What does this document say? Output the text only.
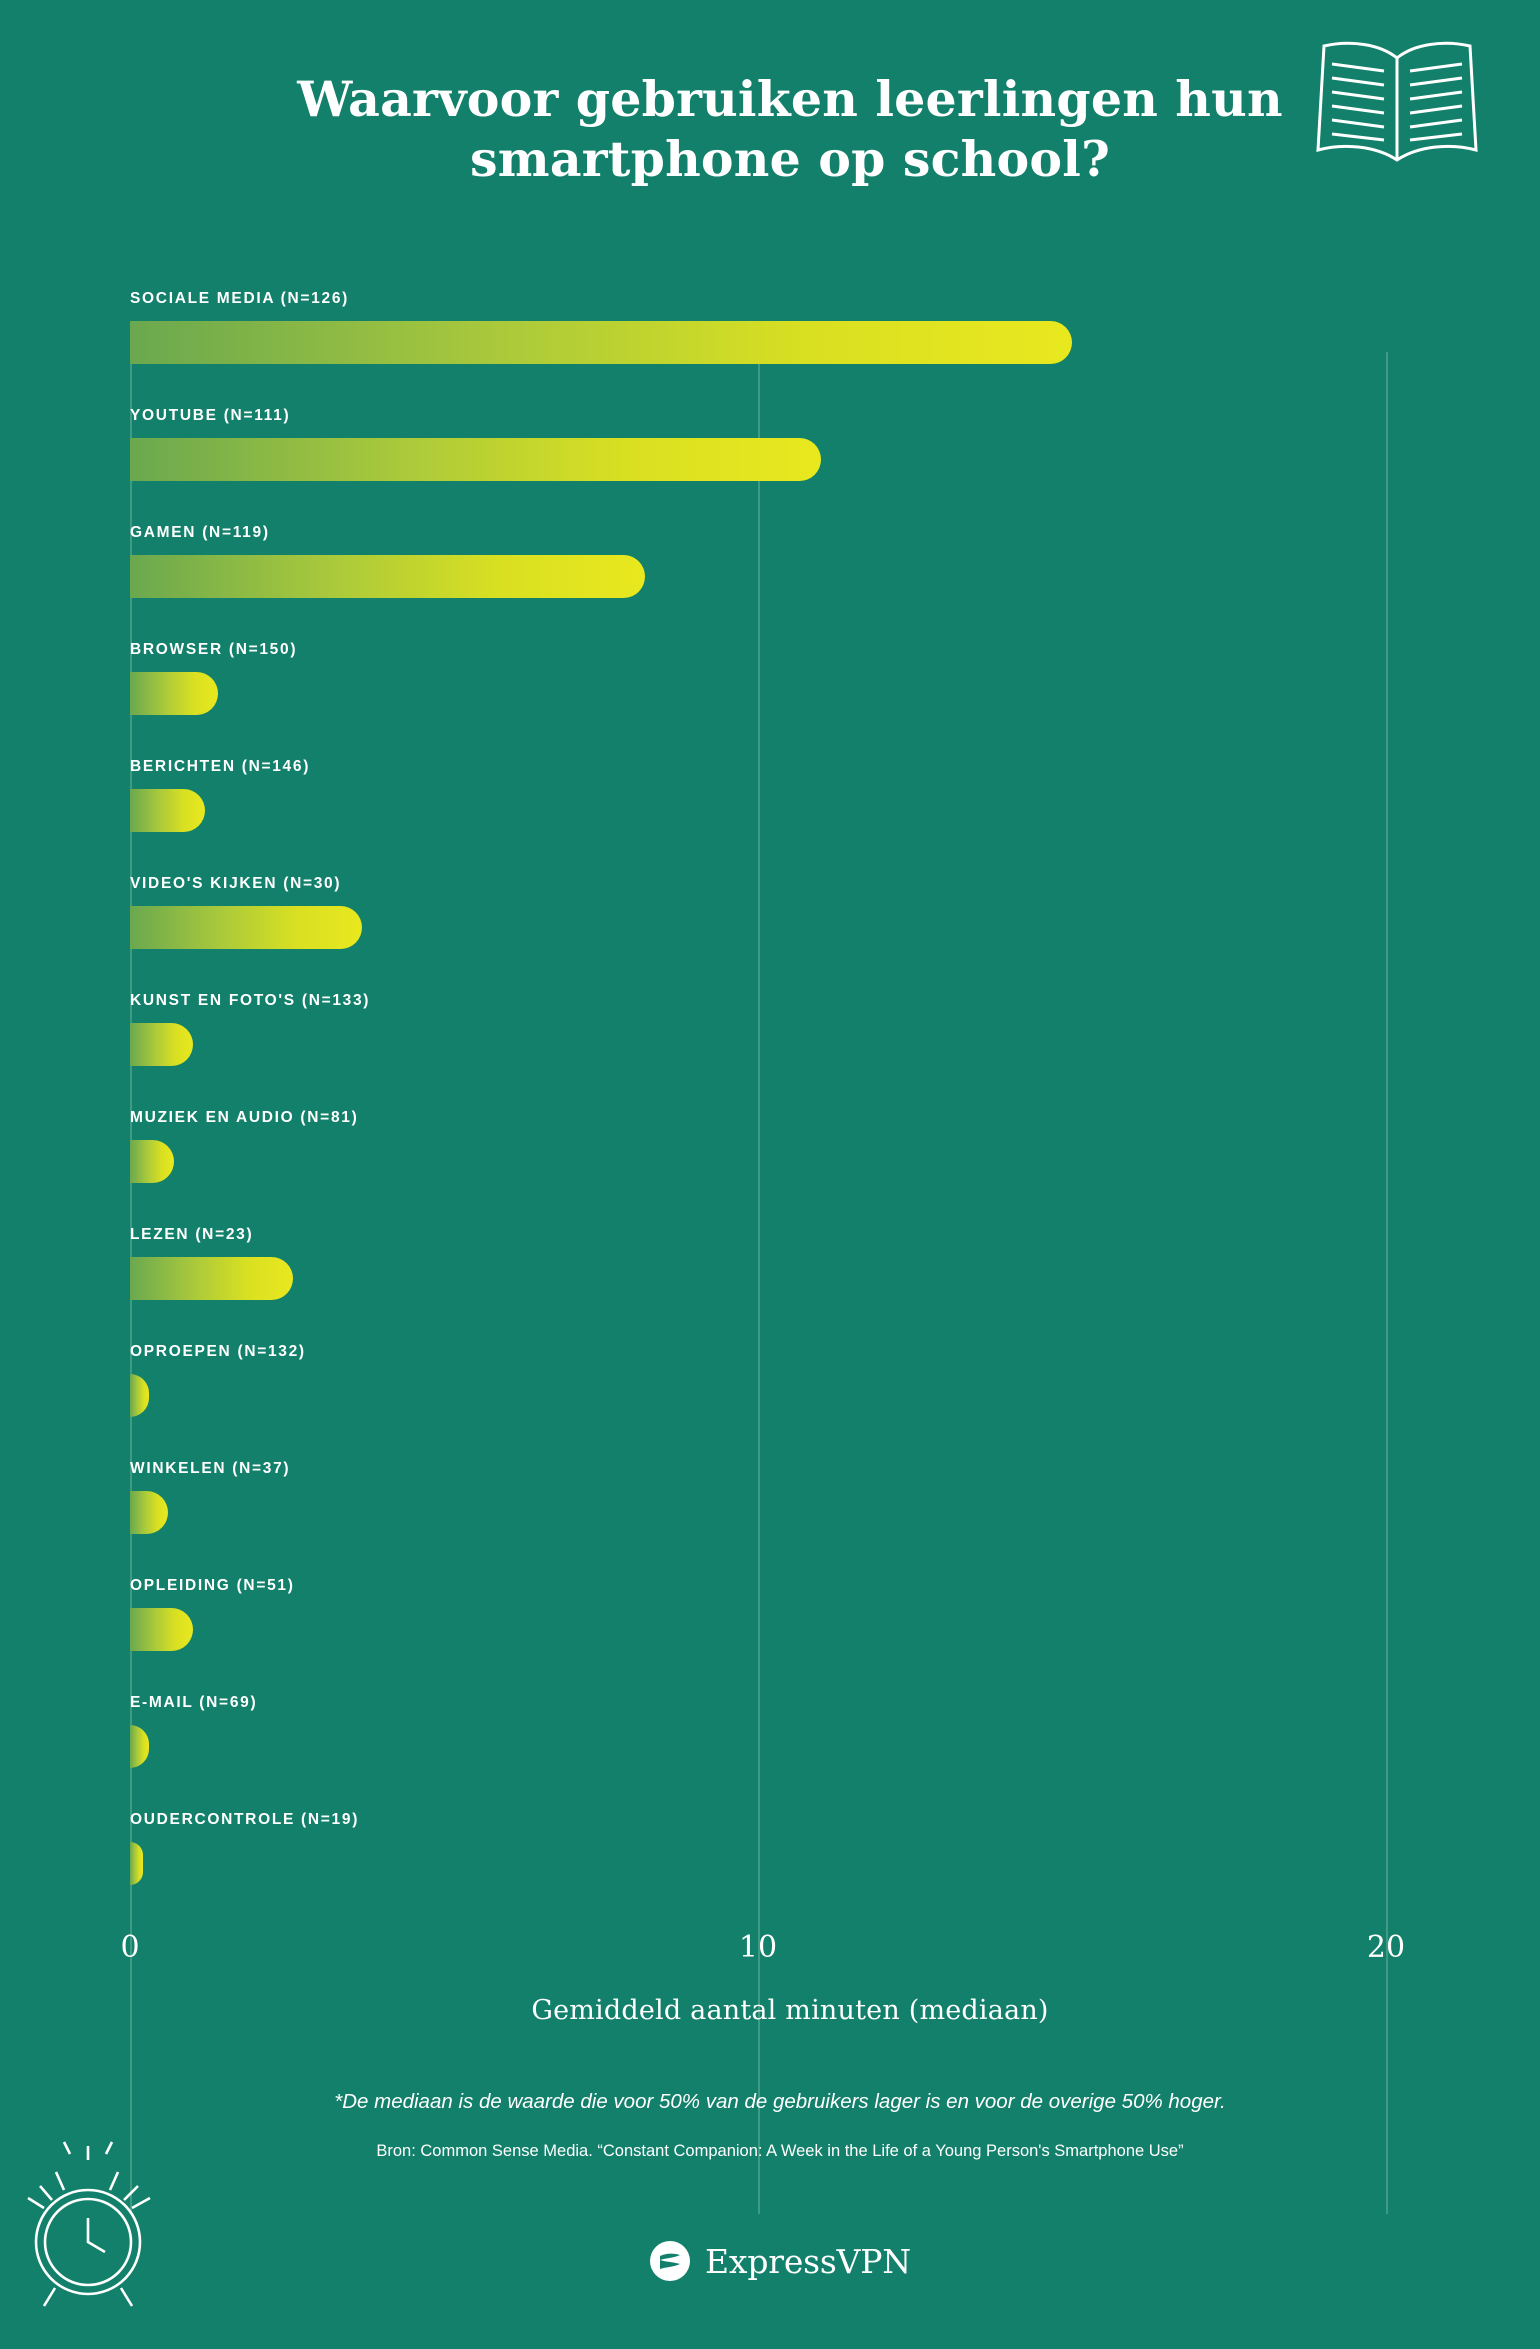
Waarvoor gebruiken leerlingen hun smartphone op school?
SOCIALE MEDIA (N=126)
YOUTUBE (N=111)
GAMEN (N=119)
BROWSER (N=150)
BERICHTEN (N=146)
VIDEO'S KIJKEN (N=30)
KUNST EN FOTO'S (N=133)
MUZIEK EN AUDIO (N=81)
LEZEN (N=23)
OPROEPEN (N=132)
WINKELEN (N=37)
OPLEIDING (N=51)
E-MAIL (N=69)
OUDERCONTROLE (N=19)
0	10	20
Gemiddeld aantal minuten (mediaan)
*De mediaan is de waarde die voor 50% van de gebruikers lager is en voor de overige 50% hoger.
Bron: Common Sense Media. “Constant Companion: A Week in the Life of a Young Person's Smartphone Use”
ExpressVPN
